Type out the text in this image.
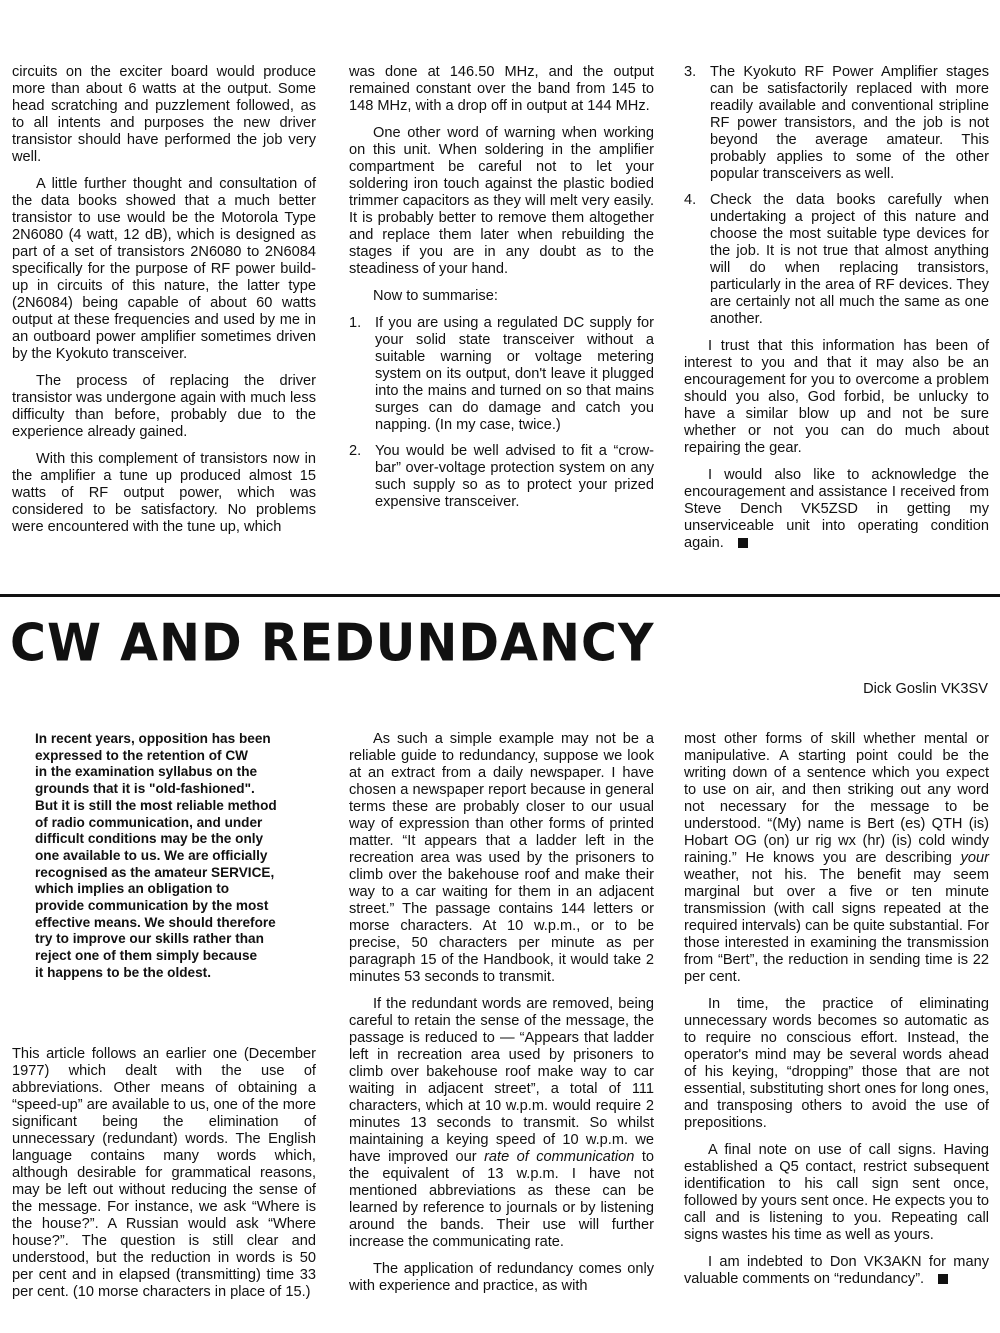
circuits on the exciter board would produce more than about 6 watts at the output. Some head scratching and puzzlement followed, as to all intents and purposes the new driver transistor should have performed the job very well.

A little further thought and consultation of the data books showed that a much better transistor to use would be the Motorola Type 2N6080 (4 watt, 12 dB), which is designed as part of a set of transistors 2N6080 to 2N6084 specifically for the purpose of RF power build-up in circuits of this nature, the latter type (2N6084) being capable of about 60 watts output at these frequencies and used by me in an outboard power amplifier sometimes driven by the Kyokuto transceiver.

The process of replacing the driver transistor was undergone again with much less difficulty than before, probably due to the experience already gained.

With this complement of transistors now in the amplifier a tune up produced almost 15 watts of RF output power, which was considered to be satisfactory. No problems were encountered with the tune up, which

was done at 146.50 MHz, and the output remained constant over the band from 145 to 148 MHz, with a drop off in output at 144 MHz.

One other word of warning when working on this unit. When soldering in the amplifier compartment be careful not to let your soldering iron touch against the plastic bodied trimmer capacitors as they will melt very easily. It is probably better to remove them altogether and replace them later when rebuilding the stages if you are in any doubt as to the steadiness of your hand.

Now to summarise:

1. If you are using a regulated DC supply for your solid state transceiver without a suitable warning or voltage metering system on its output, don't leave it plugged into the mains and turned on so that mains surges can do damage and catch you napping. (In my case, twice.)
2. You would be well advised to fit a “crow-bar” over-voltage protection system on any such supply so as to protect your prized expensive transceiver.
3. The Kyokuto RF Power Amplifier stages can be satisfactorily replaced with more readily available and conventional stripline RF power transistors, and the job is not beyond the average amateur. This probably applies to some of the other popular transceivers as well.
4. Check the data books carefully when undertaking a project of this nature and choose the most suitable type devices for the job. It is not true that almost anything will do when replacing transistors, particularly in the area of RF devices. They are certainly not all much the same as one another.

I trust that this information has been of interest to you and that it may also be an encouragement for you to overcome a problem should you also, God forbid, be unlucky to have a similar blow up and not be sure whether or not you can do much about repairing the gear.

I would also like to acknowledge the encouragement and assistance I received from Steve Dench VK5ZSD in getting my unserviceable unit into operating condition again.

CW AND REDUNDANCY
Dick Goslin VK3SV
In recent years, opposition has been
expressed to the retention of CW
in the examination syllabus on the
grounds that it is "old-fashioned".
But it is still the most reliable method
of radio communication, and under
difficult conditions may be the only
one available to us. We are officially
recognised as the amateur SERVICE,
which implies an obligation to
provide communication by the most
effective means. We should therefore
try to improve our skills rather than
reject one of them simply because
it happens to be the oldest.

This article follows an earlier one (December 1977) which dealt with the use of abbreviations. Other means of obtaining a “speed-up” are available to us, one of the more significant being the elimination of unnecessary (redundant) words. The English language contains many words which, although desirable for grammatical reasons, may be left out without reducing the sense of the message. For instance, we ask “Where is the house?”. A Russian would ask “Where house?”. The question is still clear and understood, but the reduction in words is 50 per cent and in elapsed (transmitting) time 33 per cent. (10 morse characters in place of 15.)

As such a simple example may not be a reliable guide to redundancy, suppose we look at an extract from a daily newspaper. I have chosen a newspaper report because in general terms these are probably closer to our usual way of expression than other forms of printed matter. “It appears that a ladder left in the recreation area was used by the prisoners to climb over the bakehouse roof and make their way to a car waiting for them in an adjacent street.” The passage contains 144 letters or morse characters. At 10 w.p.m., or to be precise, 50 characters per minute as per paragraph 15 of the Handbook, it would take 2 minutes 53 seconds to transmit.

If the redundant words are removed, being careful to retain the sense of the message, the passage is reduced to — “Appears that ladder left in recreation area used by prisoners to climb over bakehouse roof make way to car waiting in adjacent street”, a total of 111 characters, which at 10 w.p.m. would require 2 minutes 13 seconds to transmit. So whilst maintaining a keying speed of 10 w.p.m. we have improved our rate of communication to the equivalent of 13 w.p.m. I have not mentioned abbreviations as these can be learned by reference to journals or by listening around the bands. Their use will further increase the communicating rate.

The application of redundancy comes only with experience and practice, as with

most other forms of skill whether mental or manipulative. A starting point could be the writing down of a sentence which you expect to use on air, and then striking out any word not necessary for the message to be understood. “(My) name is Bert (es) QTH (is) Hobart OG (on) ur rig wx (hr) (is) cold windy raining.” He knows you are describing your weather, not his. The benefit may seem marginal but over a five or ten minute transmission (with call signs repeated at the required intervals) can be quite substantial. For those interested in examining the transmission from “Bert”, the reduction in sending time is 22 per cent.

In time, the practice of eliminating unnecessary words becomes so automatic as to require no conscious effort. Instead, the operator's mind may be several words ahead of his keying, “dropping” those that are not essential, substituting short ones for long ones, and transposing others to avoid the use of prepositions.

A final note on use of call signs. Having established a Q5 contact, restrict subsequent identification to his call sign sent once, followed by yours sent once. He expects you to call and is listening to you. Repeating call signs wastes his time as well as yours.

I am indebted to Don VK3AKN for many valuable comments on “redundancy”.
